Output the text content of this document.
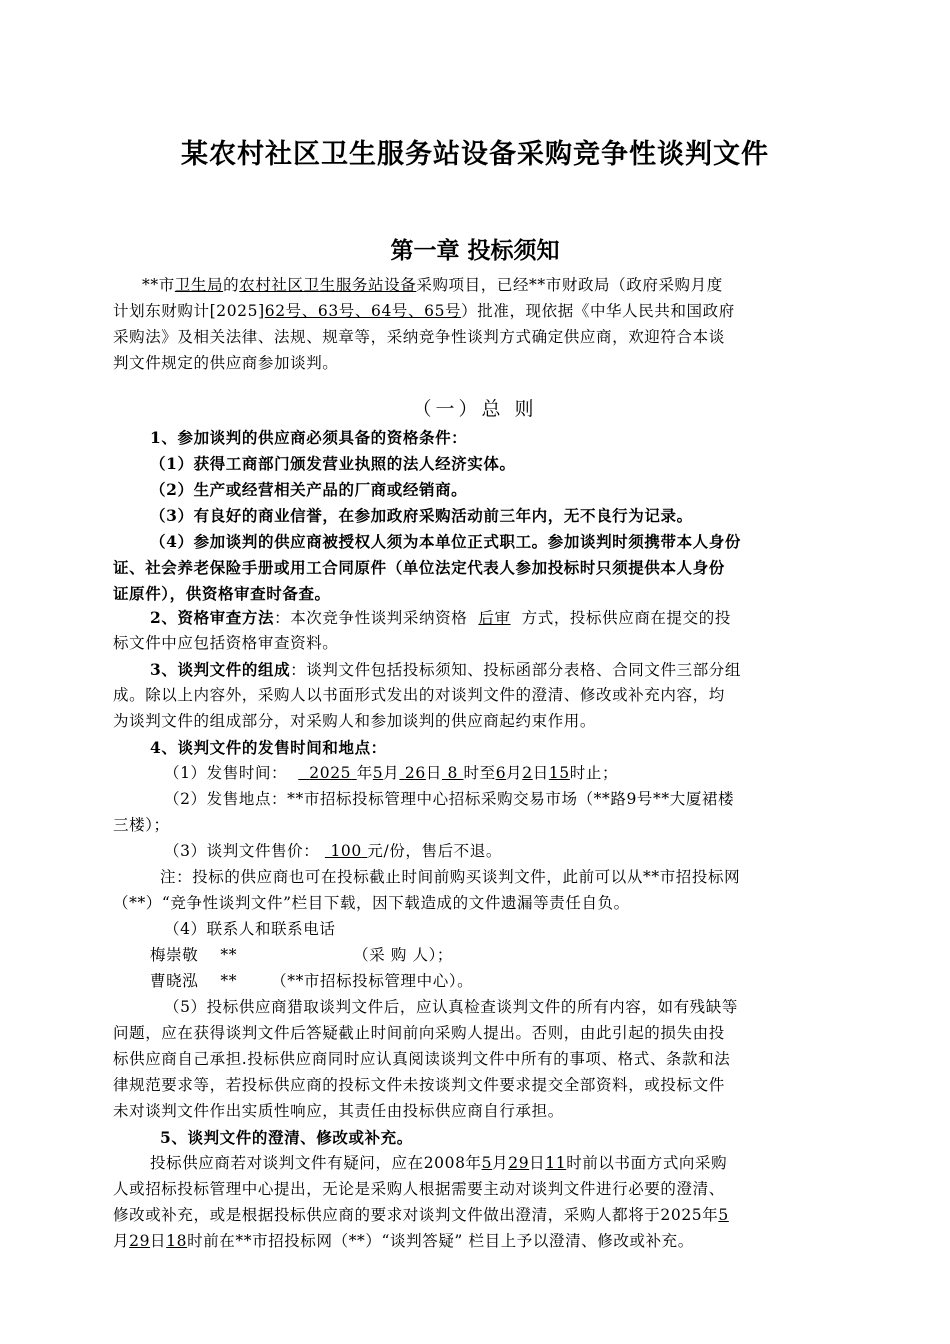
某农村社区卫生服务站设备采购竞争性谈判文件
第一章 投标须知
**市卫生局的农村社区卫生服务站设备采购项目，已经**市财政局（政府采购月度
计划东财购计[2025]62号、63号、64号、65号）批准，现依据《中华人民共和国政府
采购法》及相关法律、法规、规章等，采纳竞争性谈判方式确定供应商，欢迎符合本谈
判文件规定的供应商参加谈判。
（一）总 则
1、参加谈判的供应商必须具备的资格条件：
（1）获得工商部门颁发营业执照的法人经济实体。
（2）生产或经营相关产品的厂商或经销商。
（3）有良好的商业信誉，在参加政府采购活动前三年内，无不良行为记录。
（4）参加谈判的供应商被授权人须为本单位正式职工。参加谈判时须携带本人身份
证、社会养老保险手册或用工合同原件（单位法定代表人参加投标时只须提供本人身份
证原件），供资格审查时备查。
2、资格审查方法：本次竞争性谈判采纳资格 后审 方式，投标供应商在提交的投
标文件中应包括资格审查资料。
3、谈判文件的组成：谈判文件包括投标须知、投标函部分表格、合同文件三部分组
成。除以上内容外，采购人以书面形式发出的对谈判文件的澄清、修改或补充内容，均
为谈判文件的组成部分，对采购人和参加谈判的供应商起约束作用。
4、谈判文件的发售时间和地点：
（1）发售时间： 2025 年5月 26日 8 时至6月2日15时止；
（2）发售地点：**市招标投标管理中心招标采购交易市场（**路9号**大厦裙楼
三楼）；
（3）谈判文件售价： 100 元/份，售后不退。
注：投标的供应商也可在投标截止时间前购买谈判文件，此前可以从**市招投标网
（**）“竞争性谈判文件”栏目下载，因下载造成的文件遗漏等责任自负。
（4）联系人和联系电话
梅崇敬 **	（采 购 人）；
曹晓泓 ** （**市招标投标管理中心）。
（5）投标供应商猎取谈判文件后，应认真检查谈判文件的所有内容，如有残缺等
问题，应在获得谈判文件后答疑截止时间前向采购人提出。否则，由此引起的损失由投
标供应商自己承担.投标供应商同时应认真阅读谈判文件中所有的事项、格式、条款和法
律规范要求等，若投标供应商的投标文件未按谈判文件要求提交全部资料，或投标文件
未对谈判文件作出实质性响应，其责任由投标供应商自行承担。
5、谈判文件的澄清、修改或补充。
投标供应商若对谈判文件有疑问，应在2008年5月29日11时前以书面方式向采购
人或招标投标管理中心提出，无论是采购人根据需要主动对谈判文件进行必要的澄清、
修改或补充，或是根据投标供应商的要求对谈判文件做出澄清，采购人都将于2025年5
月29日18时前在**市招投标网（**）“谈判答疑” 栏目上予以澄清、修改或补充。
